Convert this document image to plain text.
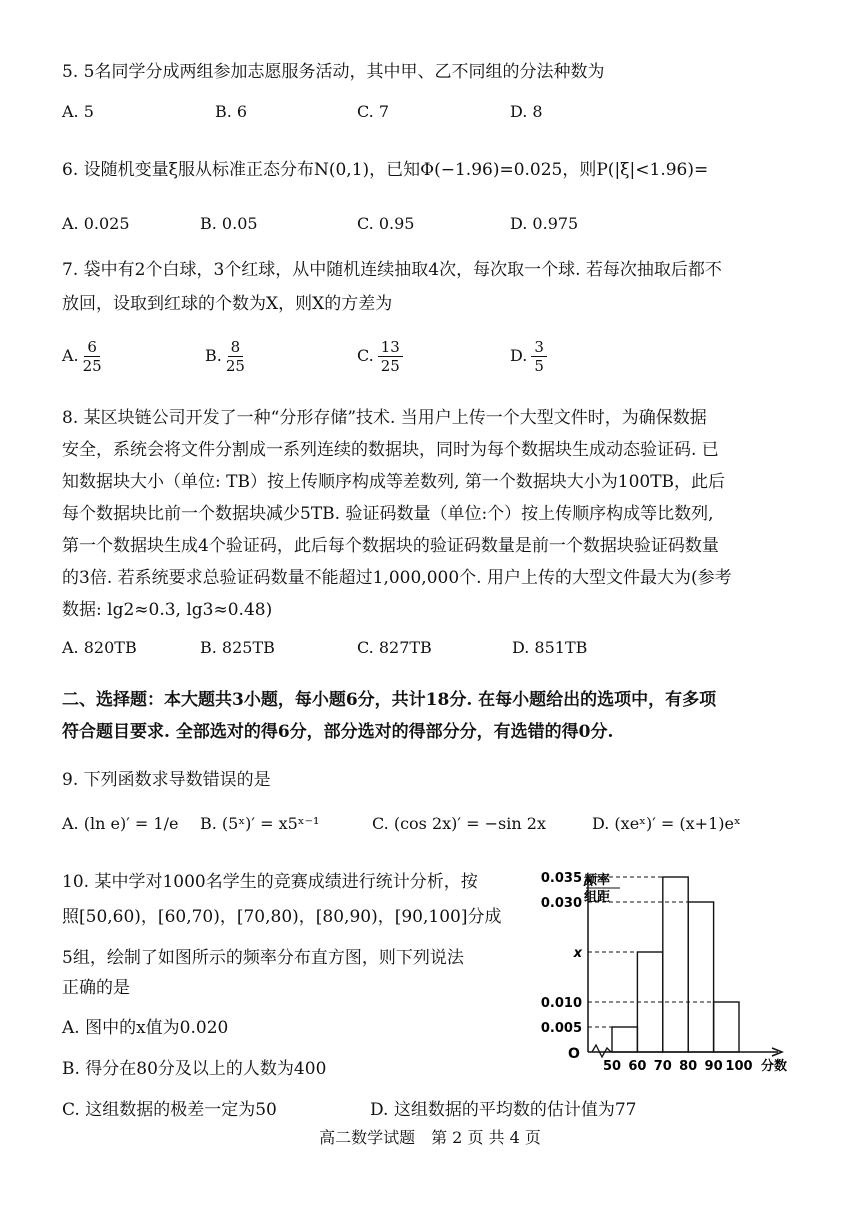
5. 5名同学分成两组参加志愿服务活动，其中甲、乙不同组的分法种数为
A. 5	B. 6	C. 7	D. 8
6. 设随机变量ξ服从标准正态分布N(0,1)，已知Φ(−1.96)=0.025，则P(|ξ|<1.96)=
A. 0.025	B. 0.05	C. 0.95	D. 0.975
7. 袋中有2个白球，3个红球，从中随机连续抽取4次，每次取一个球. 若每次抽取后都不
放回，设取到红球的个数为X，则X的方差为
A. $\frac{6}{25}$	B. $\frac{8}{25}$	C. $\frac{13}{25}$	D. $\frac{3}{5}$
8. 某区块链公司开发了一种“分形存储”技术. 当用户上传一个大型文件时，为确保数据
安全，系统会将文件分割成一系列连续的数据块，同时为每个数据块生成动态验证码. 已
知数据块大小（单位: TB）按上传顺序构成等差数列, 第一个数据块大小为100TB，此后
每个数据块比前一个数据块减少5TB. 验证码数量（单位:个）按上传顺序构成等比数列,
第一个数据块生成4个验证码，此后每个数据块的验证码数量是前一个数据块验证码数量
的3倍. 若系统要求总验证码数量不能超过1,000,000个. 用户上传的大型文件最大为(参考
数据: lg2≈0.3, lg3≈0.48)
A. 820TB	B. 825TB	C. 827TB	D. 851TB
二、选择题：本大题共3小题，每小题6分，共计18分. 在每小题给出的选项中，有多项
符合题目要求. 全部选对的得6分，部分选对的得部分分，有选错的得0分.
9. 下列函数求导数错误的是
A. (ln e)′ = 1/e B. (5ˣ)′ = x5ˣ⁻¹	C. (cos 2x)′ = −sin 2x	D. (xeˣ)′ = (x+1)eˣ
10. 某中学对1000名学生的竞赛成绩进行统计分析，按
照[50,60)，[60,70)，[70,80)，[80,90)，[90,100]分成
5组，绘制了如图所示的频率分布直方图，则下列说法
正确的是
A. 图中的x值为0.020
B. 得分在80分及以上的人数为400
C. 这组数据的极差一定为50	D. 这组数据的平均数的估计值为77
O
频率
组距
0.035
0.030
x
0.010
0.005
50 60 70 80 90 100 分数
高二数学试题　第 2 页 共 4 页
